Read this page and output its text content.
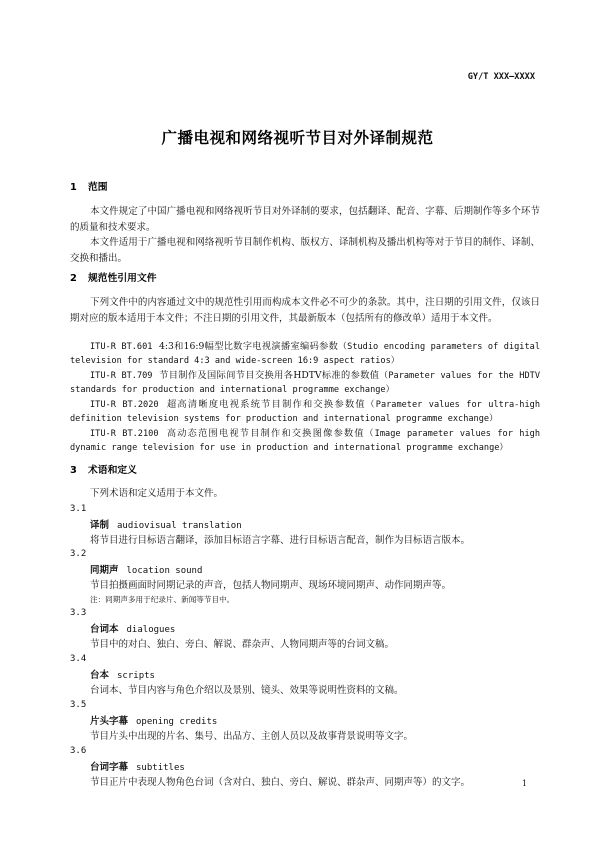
GY/T XXX—XXXX
广播电视和网络视听节目对外译制规范
1 范围
本文件规定了中国广播电视和网络视听节目对外译制的要求，包括翻译、配音、字幕、后期制作等多个环节的质量和技术要求。
本文件适用于广播电视和网络视听节目制作机构、版权方、译制机构及播出机构等对于节目的制作、译制、交换和播出。
2 规范性引用文件
下列文件中的内容通过文中的规范性引用而构成本文件必不可少的条款。其中，注日期的引用文件，仅该日期对应的版本适用于本文件；不注日期的引用文件，其最新版本（包括所有的修改单）适用于本文件。
ITU-R BT.601 4:3和16:9幅型比数字电视演播室编码参数（Studio encoding parameters of digital television for standard 4:3 and wide-screen 16:9 aspect ratios）
ITU-R BT.709 节目制作及国际间节目交换用各HDTV标准的参数值（Parameter values for the HDTV standards for production and international programme exchange）
ITU-R BT.2020 超高清晰度电视系统节目制作和交换参数值（Parameter values for ultra-high definition television systems for production and international programme exchange）
ITU-R BT.2100 高动态范围电视节目制作和交换图像参数值（Image parameter values for high dynamic range television for use in production and international programme exchange）
3 术语和定义
下列术语和定义适用于本文件。
3.1
译制 audiovisual translation
将节目进行目标语言翻译，添加目标语言字幕、进行目标语言配音，制作为目标语言版本。
3.2
同期声 location sound
节目拍摄画面时同期记录的声音，包括人物同期声、现场环境同期声、动作同期声等。
注：同期声多用于纪录片、新闻等节目中。
3.3
台词本 dialogues
节目中的对白、独白、旁白、解说、群杂声、人物同期声等的台词文稿。
3.4
台本 scripts
台词本、节目内容与角色介绍以及景别、镜头、效果等说明性资料的文稿。
3.5
片头字幕 opening credits
节目片头中出现的片名、集号、出品方、主创人员以及故事背景说明等文字。
3.6
台词字幕 subtitles
节目正片中表现人物角色台词（含对白、独白、旁白、解说、群杂声、同期声等）的文字。	1
